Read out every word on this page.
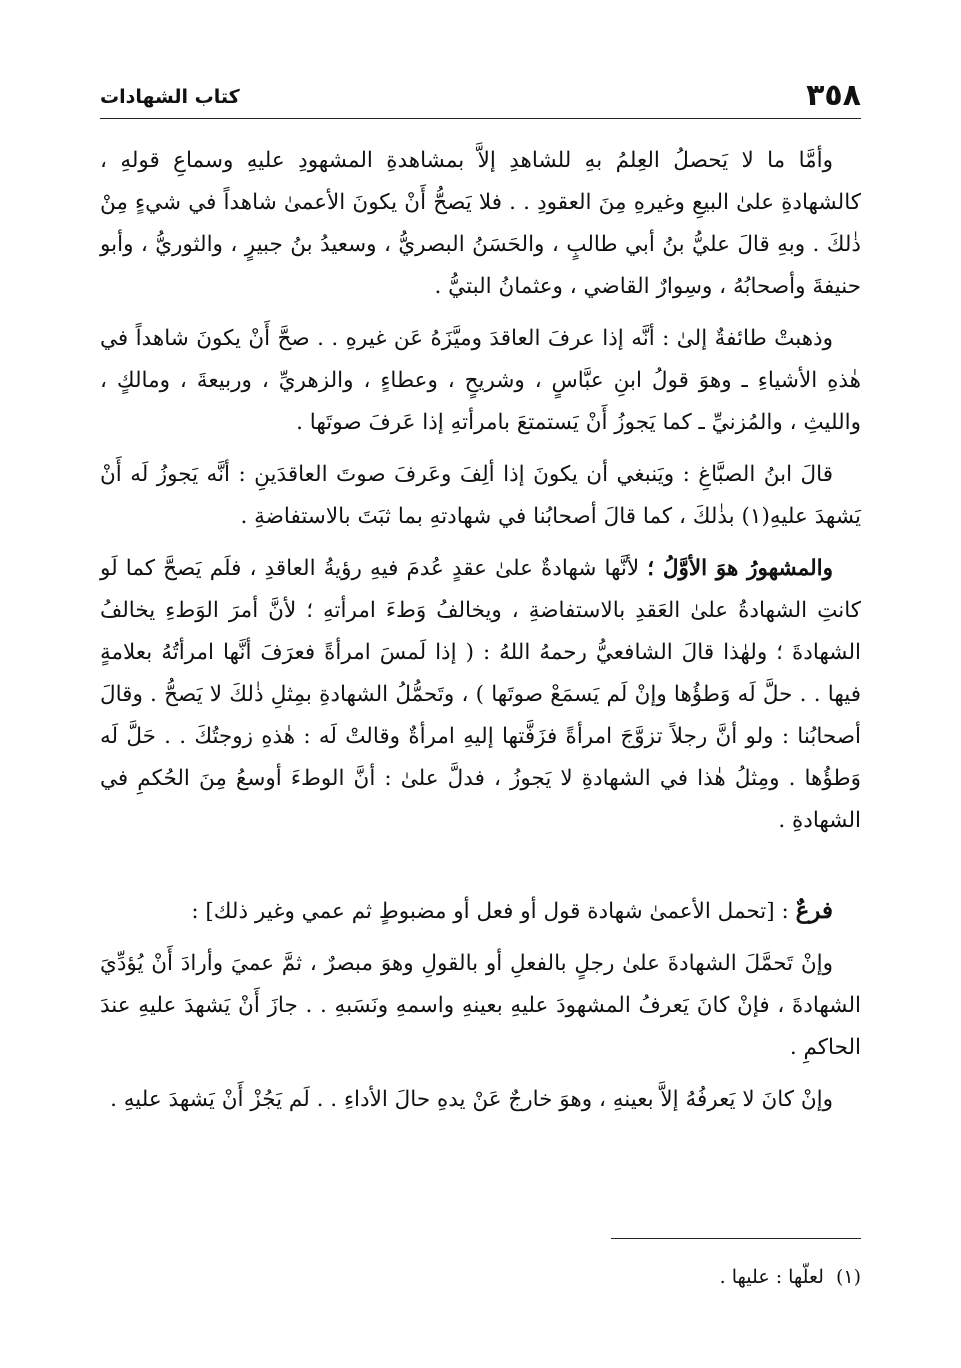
٣٥٨
كتاب الشهادات

وأمَّا ما لا يَحصلُ العِلمُ بهِ للشاهدِ إلاَّ بمشاهدةِ المشهودِ عليهِ وسماعِ قولهِ ، كالشهادةِ علىٰ البيعِ وغيرهِ مِنَ العقودِ . . فلا يَصحُّ أَنْ يكونَ الأعمىٰ شاهداً في شيءٍ مِنْ ذٰلكَ . وبهِ قالَ عليُّ بنُ أبي طالبٍ ، والحَسَنُ البصريُّ ، وسعيدُ بنُ جبيرٍ ، والثوريُّ ، وأبو حنيفةَ وأصحابُهُ ، وسِوارٌ القاضي ، وعثمانُ البتيُّ .

وذهبتْ طائفةٌ إلىٰ : أنَّه إذا عرفَ العاقدَ وميَّزَهُ عَن غيرهِ . . صحَّ أَنْ يكونَ شاهداً في هٰذهِ الأشياءِ ـ وهوَ قولُ ابنِ عبَّاسٍ ، وشريحٍ ، وعطاءٍ ، والزهريِّ ، وربيعةَ ، ومالكٍ ، والليثِ ، والمُزنيِّ ـ كما يَجوزُ أَنْ يَستمتعَ بامرأتهِ إذا عَرفَ صوتَها .

قالَ ابنُ الصبَّاغِ : ويَنبغي أن يكونَ إذا ألِفَ وعَرفَ صوتَ العاقدَينِ : أنَّه يَجوزُ لَه أَنْ يَشهدَ عليهِ(١) بذٰلكَ ، كما قالَ أصحابُنا في شهادتهِ بما ثبَتَ بالاستفاضةِ .

والمشهورُ هوَ الأوَّلُ ؛ لأنَّها شهادةٌ علىٰ عقدٍ عُدمَ فيهِ رؤيةُ العاقدِ ، فلَم يَصحَّ كما لَو كانتِ الشهادةُ علىٰ العَقدِ بالاستفاضةِ ، ويخالفُ وَطءَ امرأتهِ ؛ لأنَّ أمرَ الوَطءِ يخالفُ الشهادةَ ؛ ولهٰذا قالَ الشافعيُّ رحمهُ اللهُ : ( إذا لَمسَ امرأةً فعرَفَ أنَّها امرأتُهُ بعلامةٍ فيها . . حلَّ لَه وَطؤُها وإنْ لَم يَسمَعْ صوتَها ) ، وتَحمُّلُ الشهادةِ بمِثلِ ذٰلكَ لا يَصحُّ . وقالَ أصحابُنا : ولو أنَّ رجلاً تزوَّجَ امرأةً فزَفَّتها إليهِ امرأةٌ وقالتْ لَه : هٰذهِ زوجتُكَ . . حَلَّ لَه وَطؤُها . ومِثلُ هٰذا في الشهادةِ لا يَجوزُ ، فدلَّ علىٰ : أنَّ الوطءَ أوسعُ مِنَ الحُكمِ في الشهادةِ .

فرعٌ : [تحمل الأعمىٰ شهادة قول أو فعل أو مضبوطٍ ثم عمي وغير ذلك] :

وإنْ تَحمَّلَ الشهادةَ علىٰ رجلٍ بالفعلِ أو بالقولِ وهوَ مبصرٌ ، ثمَّ عميَ وأرادَ أَنْ يُؤدِّيَ الشهادةَ ، فإنْ كانَ يَعرفُ المشهودَ عليهِ بعينهِ واسمهِ ونَسَبهِ . . جازَ أَنْ يَشهدَ عليهِ عندَ الحاكمِ .

وإنْ كانَ لا يَعرفُهُ إلاَّ بعينهِ ، وهوَ خارجٌ عَنْ يدهِ حالَ الأداءِ . . لَم يَجُزْ أَنْ يَشهدَ عليهِ .

(١)لعلّها : عليها .
